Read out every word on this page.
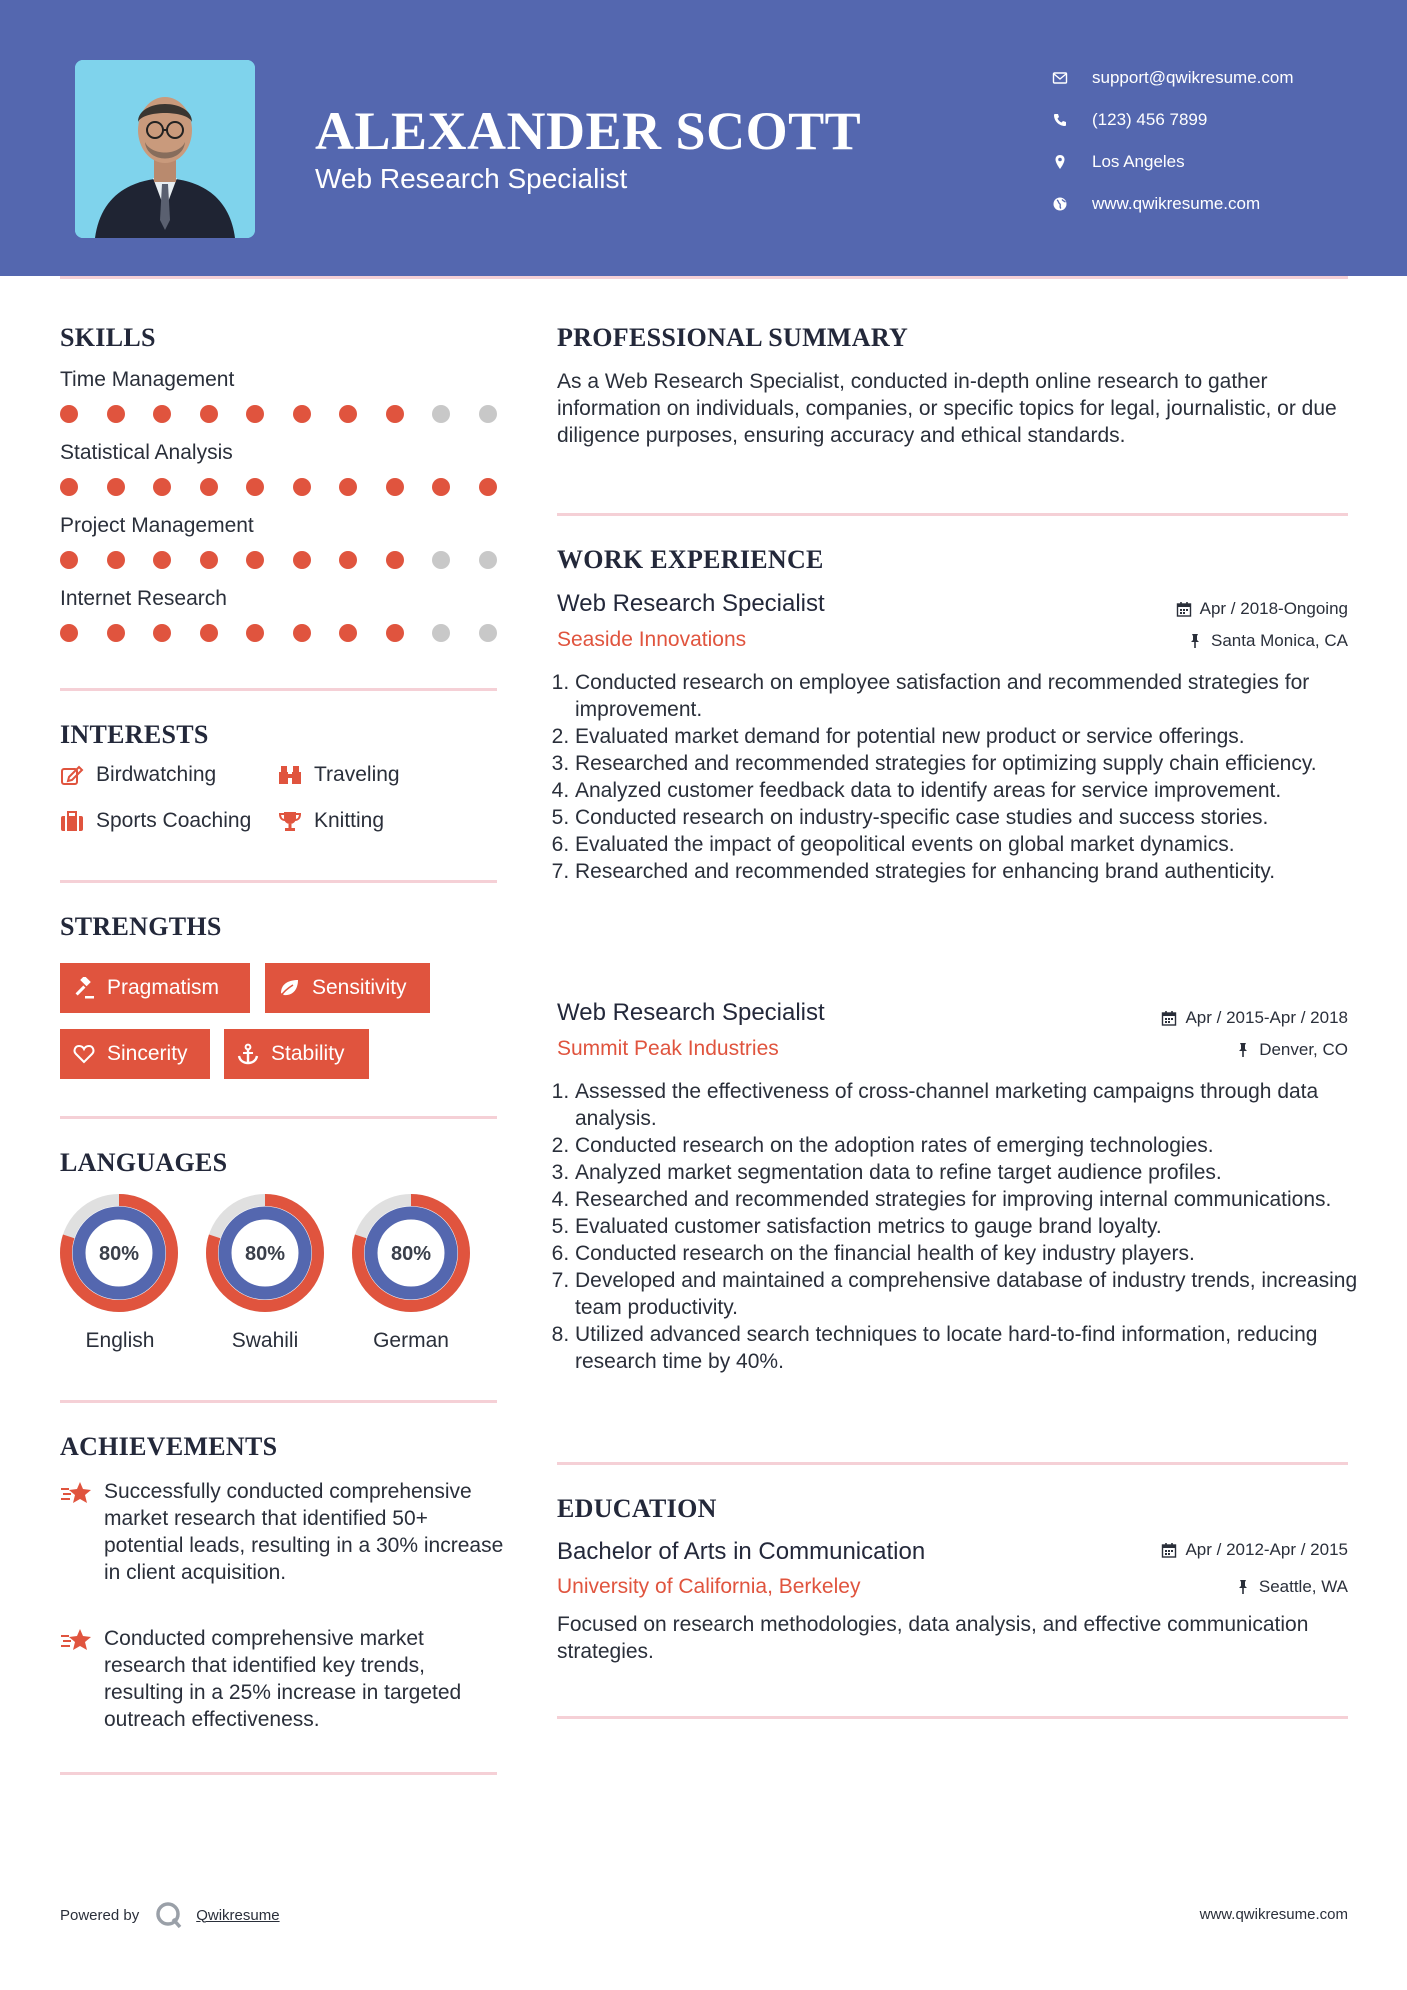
ALEXANDER SCOTT
Web Research Specialist
support@qwikresume.com
(123) 456 7899
Los Angeles
www.qwikresume.com
SKILLS
Time Management
Statistical Analysis
Project Management
Internet Research
INTERESTS
Birdwatching	Traveling
Sports Coaching	Knitting
STRENGTHS
Pragmatism	Sensitivity
Sincerity	Stability
LANGUAGES
80%	80%	80%
English	Swahili	German
ACHIEVEMENTS
Successfully conducted comprehensive market research that identified 50+ potential leads, resulting in a 30% increase in client acquisition.
Conducted comprehensive market research that identified key trends, resulting in a 25% increase in targeted outreach effectiveness.
PROFESSIONAL SUMMARY
As a Web Research Specialist, conducted in-depth online research to gather information on individuals, companies, or specific topics for legal, journalistic, or due diligence purposes, ensuring accuracy and ethical standards.
WORK EXPERIENCE
Web Research Specialist	Apr / 2018-Ongoing
Seaside Innovations	Santa Monica, CA
1. Conducted research on employee satisfaction and recommended strategies for improvement.
2. Evaluated market demand for potential new product or service offerings.
3. Researched and recommended strategies for optimizing supply chain efficiency.
4. Analyzed customer feedback data to identify areas for service improvement.
5. Conducted research on industry-specific case studies and success stories.
6. Evaluated the impact of geopolitical events on global market dynamics.
7. Researched and recommended strategies for enhancing brand authenticity.
Web Research Specialist	Apr / 2015-Apr / 2018
Summit Peak Industries	Denver, CO
1. Assessed the effectiveness of cross-channel marketing campaigns through data analysis.
2. Conducted research on the adoption rates of emerging technologies.
3. Analyzed market segmentation data to refine target audience profiles.
4. Researched and recommended strategies for improving internal communications.
5. Evaluated customer satisfaction metrics to gauge brand loyalty.
6. Conducted research on the financial health of key industry players.
7. Developed and maintained a comprehensive database of industry trends, increasing team productivity.
8. Utilized advanced search techniques to locate hard-to-find information, reducing research time by 40%.
EDUCATION
Bachelor of Arts in Communication	Apr / 2012-Apr / 2015
University of California, Berkeley	Seattle, WA
Focused on research methodologies, data analysis, and effective communication strategies.
Powered by	Qwikresume	www.qwikresume.com
